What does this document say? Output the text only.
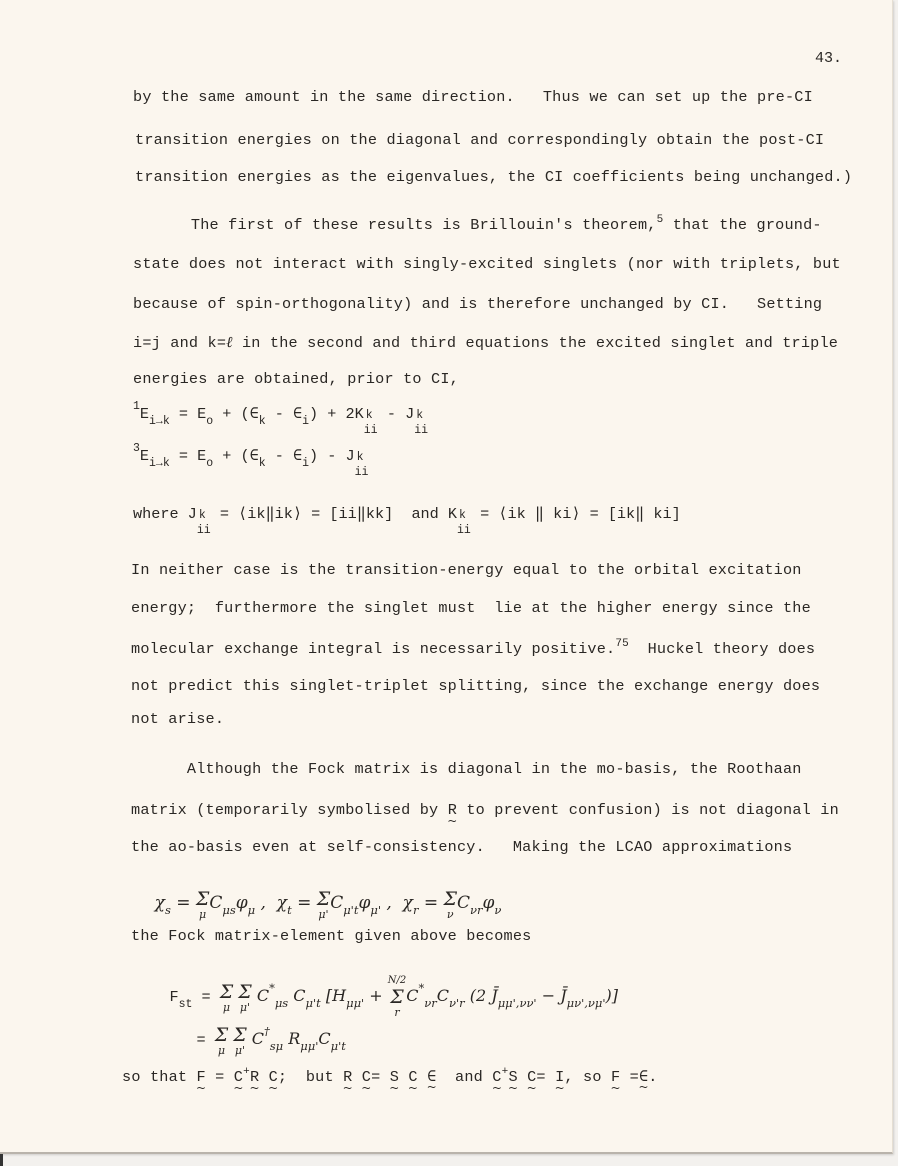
43.
by the same amount in the same direction.   Thus we can set up the pre-CI
transition energies on the diagonal and correspondingly obtain the post-CI
transition energies as the eigenvalues, the CI coefficients being unchanged.)
The first of these results is Brillouin's theorem,$^5$ that the ground-
state does not interact with singly-excited singlets (nor with triplets, but
because of spin-orthogonality) and is therefore unchanged by CI.   Setting
i=j and k=ℓ in the second and third equations the excited singlet and triple
energies are obtained, prior to CI,
$^1E_{i\to k} = E_o$ + ($\in_k$ - $\in_i) + 2K$ k
ii
- J k
ii
$^3E_{i\to k} = E_o$ + ($\in_k$ - $\in_i$) - J k
ii
where J k
ii
= ⟨ik‖ik⟩ = [ii‖kk]  and K k
ii
= ⟨ik ‖ ki⟩ = [ik‖ ki]
In neither case is the transition-energy equal to the orbital excitation
energy;  furthermore the singlet must  lie at the higher energy since the
molecular exchange integral is necessarily positive.$^{75}$  Huckel theory does
not predict this singlet-triplet splitting, since the exchange energy does
not arise.
Although the Fock matrix is diagonal in the mo-basis, the Roothaan
matrix (temporarily symbolised by R ~ to prevent confusion) is not diagonal in
the ao-basis even at self-consistency.   Making the LCAO approximations

$\chi_s = \Sigma$
μ
$C_{\mu s}\varphi_\mu$ ,  $\chi_t = \Sigma$
μ'
$C_{\mu't}\varphi_{\mu'}$ ,  $\chi_r = \Sigma$
ν
$C_{\nu r}\varphi_\nu$

the Fock matrix-element given above becomes

$F_{st} = \Sigma$
μ
Σ
μ'
$C^*_{\mu s}$ $C_{\mu't}$ [$H_{\mu\mu'}$ +
N/2
Σ
r
$C^*_{\nu r}C_{\nu'r}$ (2 $J̄_{\mu\mu',\nu\nu'}$ − $J̄_{\mu\nu',\nu\mu'}$)]

= Σ
μ
Σ
μ'
$C^\dagger_{s\mu}$ $R_{\mu\mu'}C_{\mu't}$

so that F ~ = C ~+R ~ C ~;  but R ~ C ~= S ~ C ~ ∈ ~  and C ~+S ~ C ~= I ~, so F ~ =∈ ~.
